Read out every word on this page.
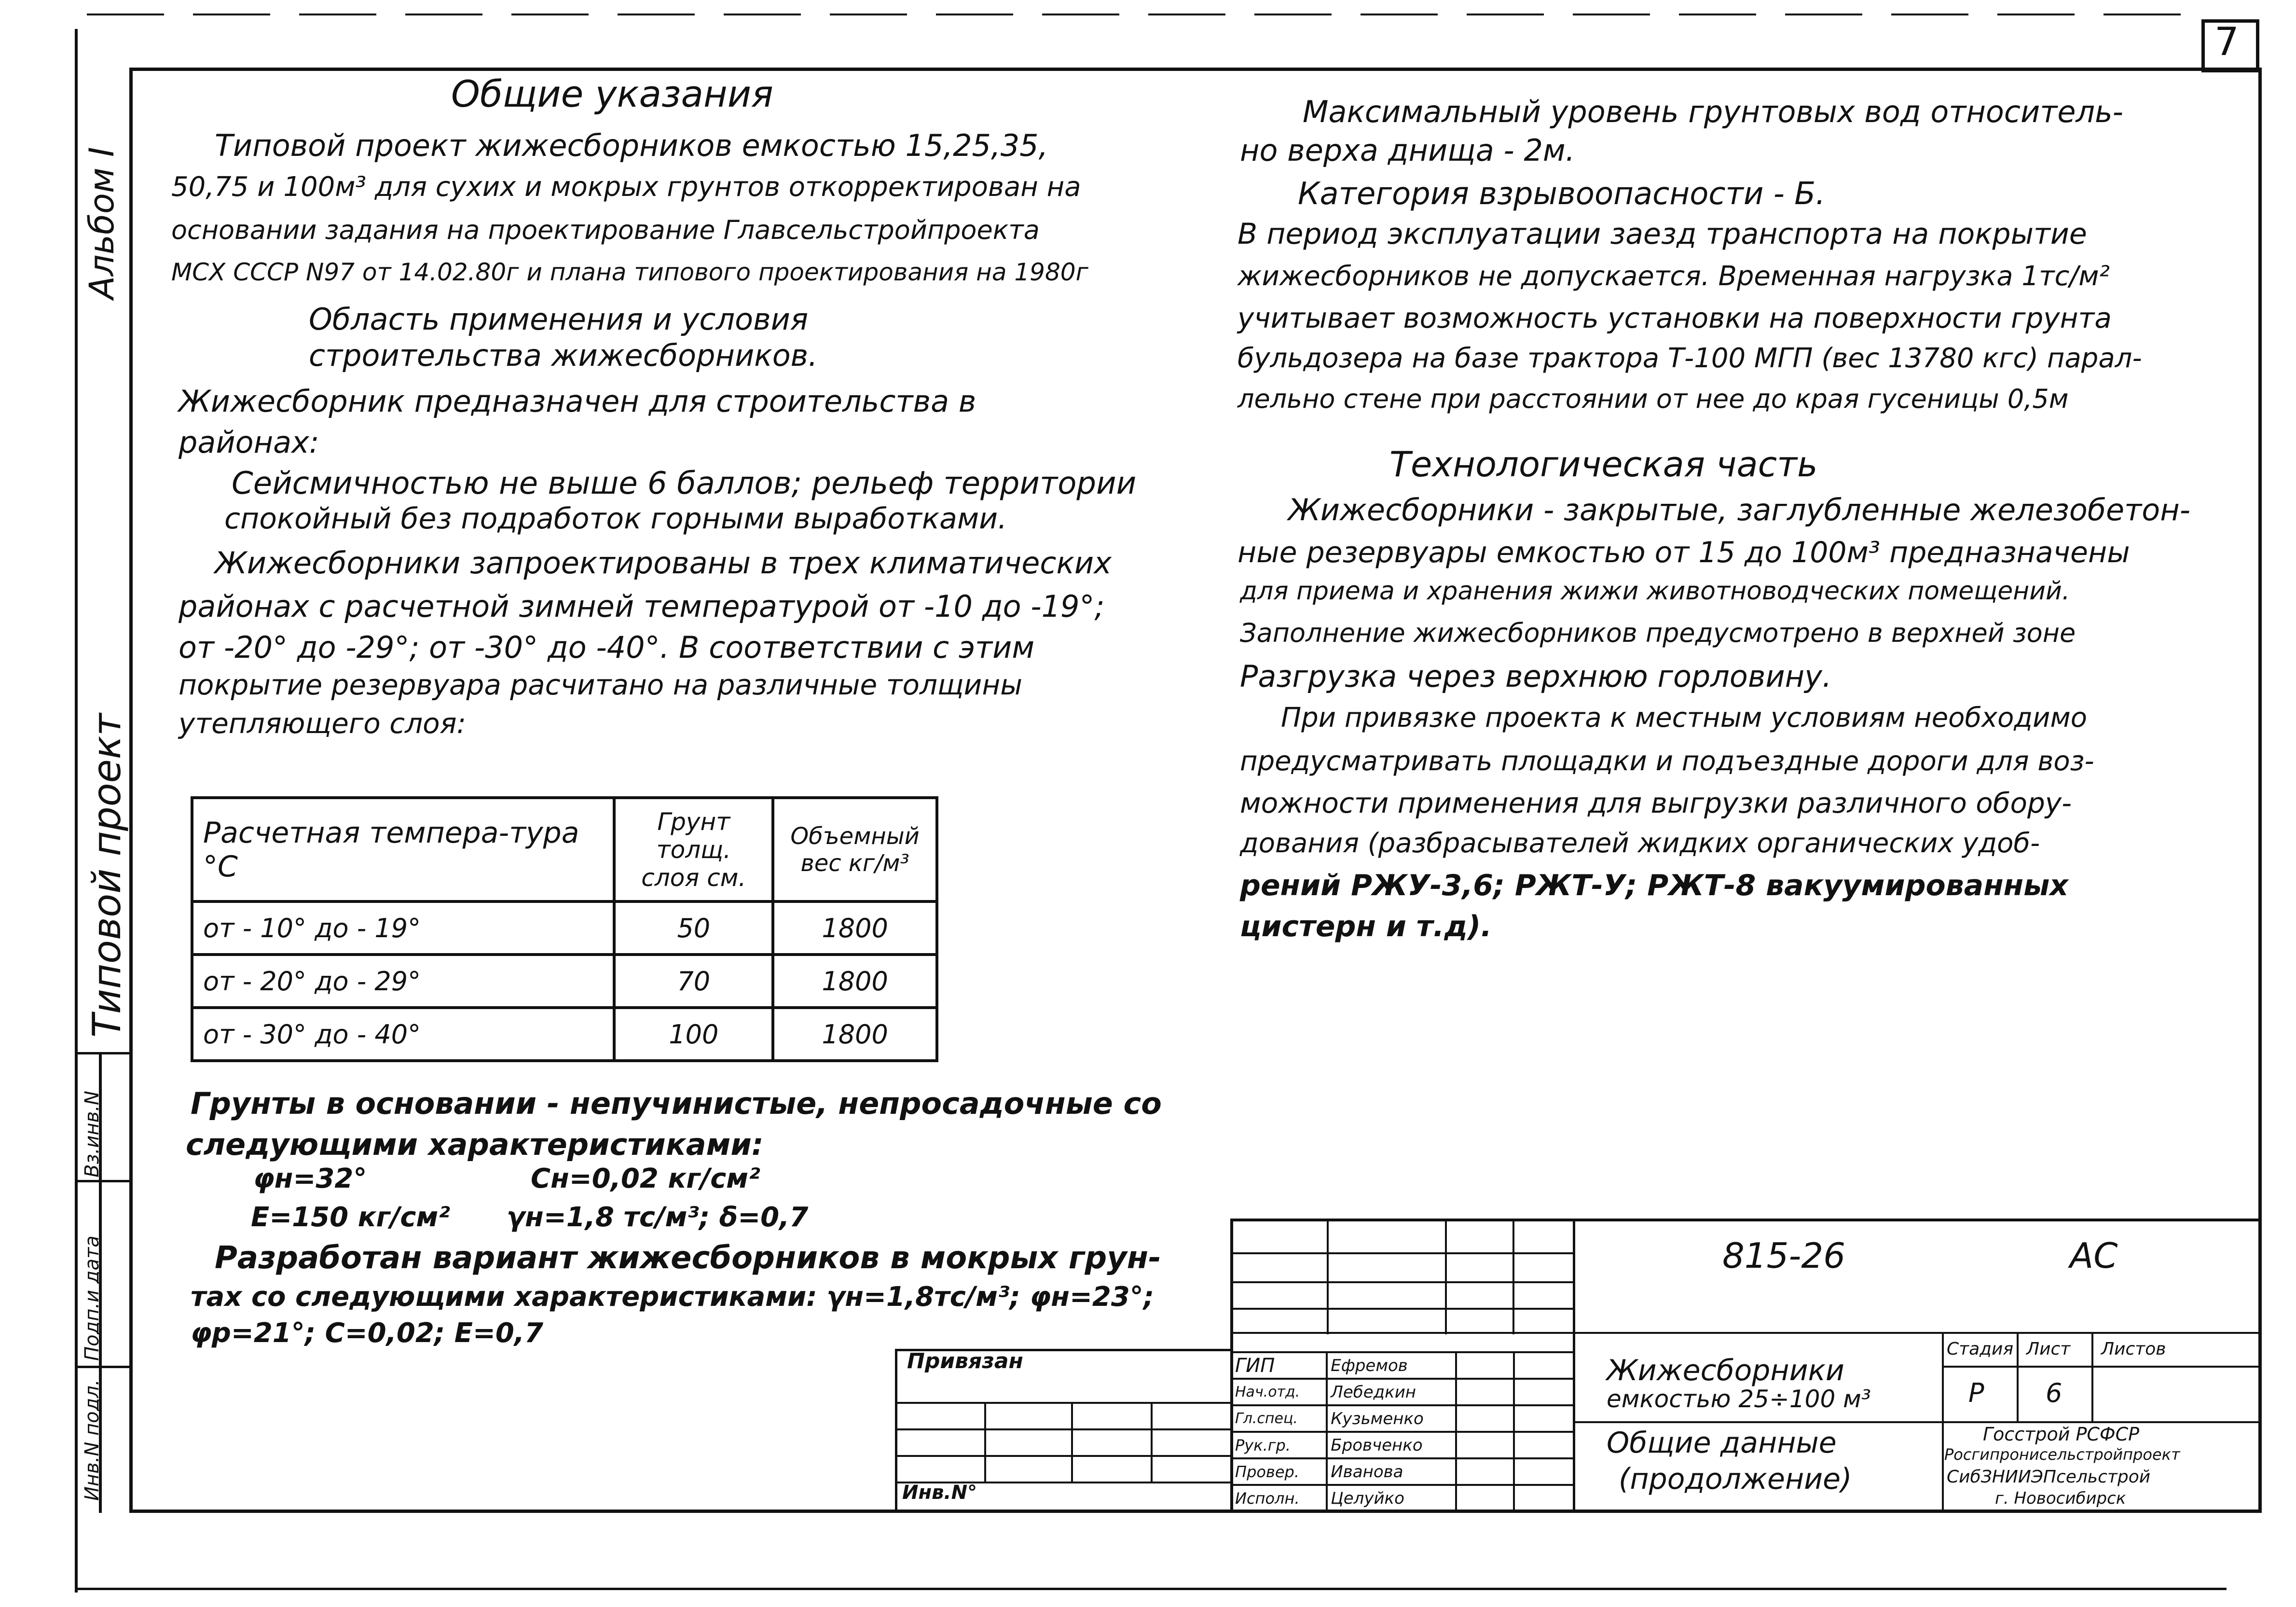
7
Альбом I
Типовой проект
Вз.инв.N
Подп.и дата
Инв.N подл.
Общие указания
Типовой проект жижесборников емкостью 15,25,35,
50,75 и 100м³ для сухих и мокрых грунтов откорректирован на
основании задания на проектирование Главсельстройпроекта
МСХ СССР N97 от 14.02.80г и плана типового проектирования на 1980г
Область применения и условия
строительства жижесборников.
Жижесборник предназначен для строительства в
районах:
Сейсмичностью не выше 6 баллов; рельеф территории
спокойный без подработок горными выработками.
Жижесборники запроектированы в трех климатических
районах с расчетной зимней температурой от -10 до -19°;
от -20° до -29°; от -30° до -40°. В соответствии с этим
покрытие резервуара расчитано на различные толщины
утепляющего слоя:
Расчетная темпера-тура °С	Грунт толщ. слоя см.	Объемный вес кг/м³
от - 10° до - 19°	50	1800
от - 20° до - 29°	70	1800
от - 30° до - 40°	100	1800
Грунты в основании - непучинистые, непросадочные со
следующими характеристиками:
φн=32°	Сн=0,02 кг/см²
Е=150 кг/см² γн=1,8 тс/м³; δ=0,7
Разработан вариант жижесборников в мокрых грун-
тах со следующими характеристиками: γн=1,8тс/м³; φн=23°;
φр=21°; С=0,02; Е=0,7
Максимальный уровень грунтовых вод относитель-
но верха днища - 2м.
Категория взрывоопасности - Б.
В период эксплуатации заезд транспорта на покрытие
жижесборников не допускается. Временная нагрузка 1тс/м²
учитывает возможность установки на поверхности грунта
бульдозера на базе трактора Т-100 МГП (вес 13780 кгс) парал-
лельно стене при расстоянии от нее до края гусеницы 0,5м
Технологическая часть
Жижесборники - закрытые, заглубленные железобетон-
ные резервуары емкостью от 15 до 100м³ предназначены
для приема и хранения жижи животноводческих помещений.
Заполнение жижесборников предусмотрено в верхней зоне
Разгрузка через верхнюю горловину.
При привязке проекта к местным условиям необходимо
предусматривать площадки и подъездные дороги для воз-
можности применения для выгрузки различного обору-
дования (разбрасывателей жидких органических удоб-
рений РЖУ-3,6; РЖТ-У; РЖТ-8 вакуумированных
цистерн и т.д).
815-26	АС
Привязан
Инв.N°
ГИП	Ефремов		
Нач.отд.	Лебедкин		
Гл.спец.	Кузьменко		
Рук.гр.	Бровченко		
Провер.	Иванова		
Исполн.	Целуйко		
Жижесборники
емкостью 25÷100 м³
Общие данные
(продолжение)
Стадия Лист Листов
Р 6
Госстрой РСФСР
Росгипронисельстройпроект
СибЗНИИЭПсельстрой
г. Новосибирск
